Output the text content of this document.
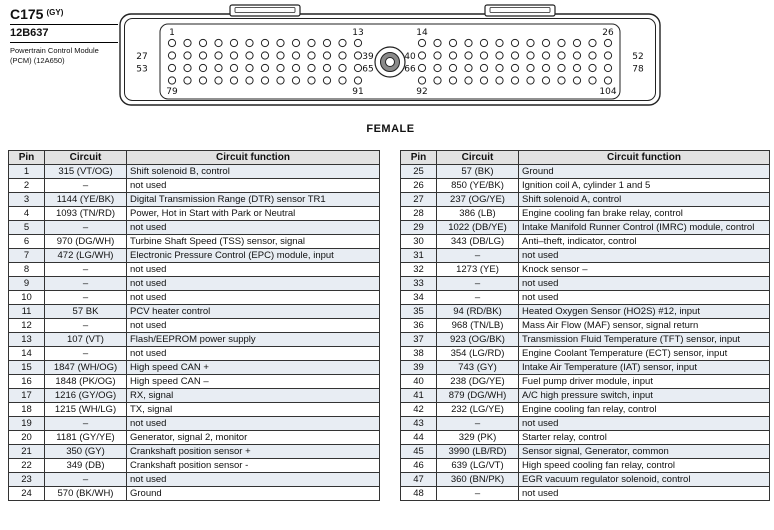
C175 $^{(GY)}$
12B637
Powertrain Control Module
(PCM) (12A650)
1	13	14	26
27	39	40	52
53	65	66	78
79	91	92	104
FEMALE
Pin	Circuit	Circuit function
1	315 (VT/OG)	Shift solenoid B, control
2	–	not used
3	1144 (YE/BK)	Digital Transmission Range (DTR) sensor TR1
4	1093 (TN/RD)	Power, Hot in Start with Park or Neutral
5	–	not used
6	970 (DG/WH)	Turbine Shaft Speed (TSS) sensor, signal
7	472 (LG/WH)	Electronic Pressure Control (EPC) module, input
8	–	not used
9	–	not used
10	–	not used
11	57 BK	PCV heater control
12	–	not used
13	107 (VT)	Flash/EEPROM power supply
14	–	not used
15	1847 (WH/OG)	High speed CAN +
16	1848 (PK/OG)	High speed CAN –
17	1216 (GY/OG)	RX, signal
18	1215 (WH/LG)	TX, signal
19	–	not used
20	1181 (GY/YE)	Generator, signal 2, monitor
21	350 (GY)	Crankshaft position sensor +
22	349 (DB)	Crankshaft position sensor -
23	–	not used
24	570 (BK/WH)	Ground
Pin	Circuit	Circuit function
25	57 (BK)	Ground
26	850 (YE/BK)	Ignition coil A, cylinder 1 and 5
27	237 (OG/YE)	Shift solenoid A, control
28	386 (LB)	Engine cooling fan brake relay, control
29	1022 (DB/YE)	Intake Manifold Runner Control (IMRC) module, control
30	343 (DB/LG)	Anti–theft, indicator, control
31	–	not used
32	1273 (YE)	Knock sensor –
33	–	not used
34	–	not used
35	94 (RD/BK)	Heated Oxygen Sensor (HO2S) #12, input
36	968 (TN/LB)	Mass Air Flow (MAF) sensor, signal return
37	923 (OG/BK)	Transmission Fluid Temperature (TFT) sensor, input
38	354 (LG/RD)	Engine Coolant Temperature (ECT) sensor, input
39	743 (GY)	Intake Air Temperature (IAT) sensor, input
40	238 (DG/YE)	Fuel pump driver module, input
41	879 (DG/WH)	A/C high pressure switch, input
42	232 (LG/YE)	Engine cooling fan relay, control
43	–	not used
44	329 (PK)	Starter relay, control
45	3990 (LB/RD)	Sensor signal, Generator, common
46	639 (LG/VT)	High speed cooling fan relay, control
47	360 (BN/PK)	EGR vacuum regulator solenoid, control
48	–	not used
